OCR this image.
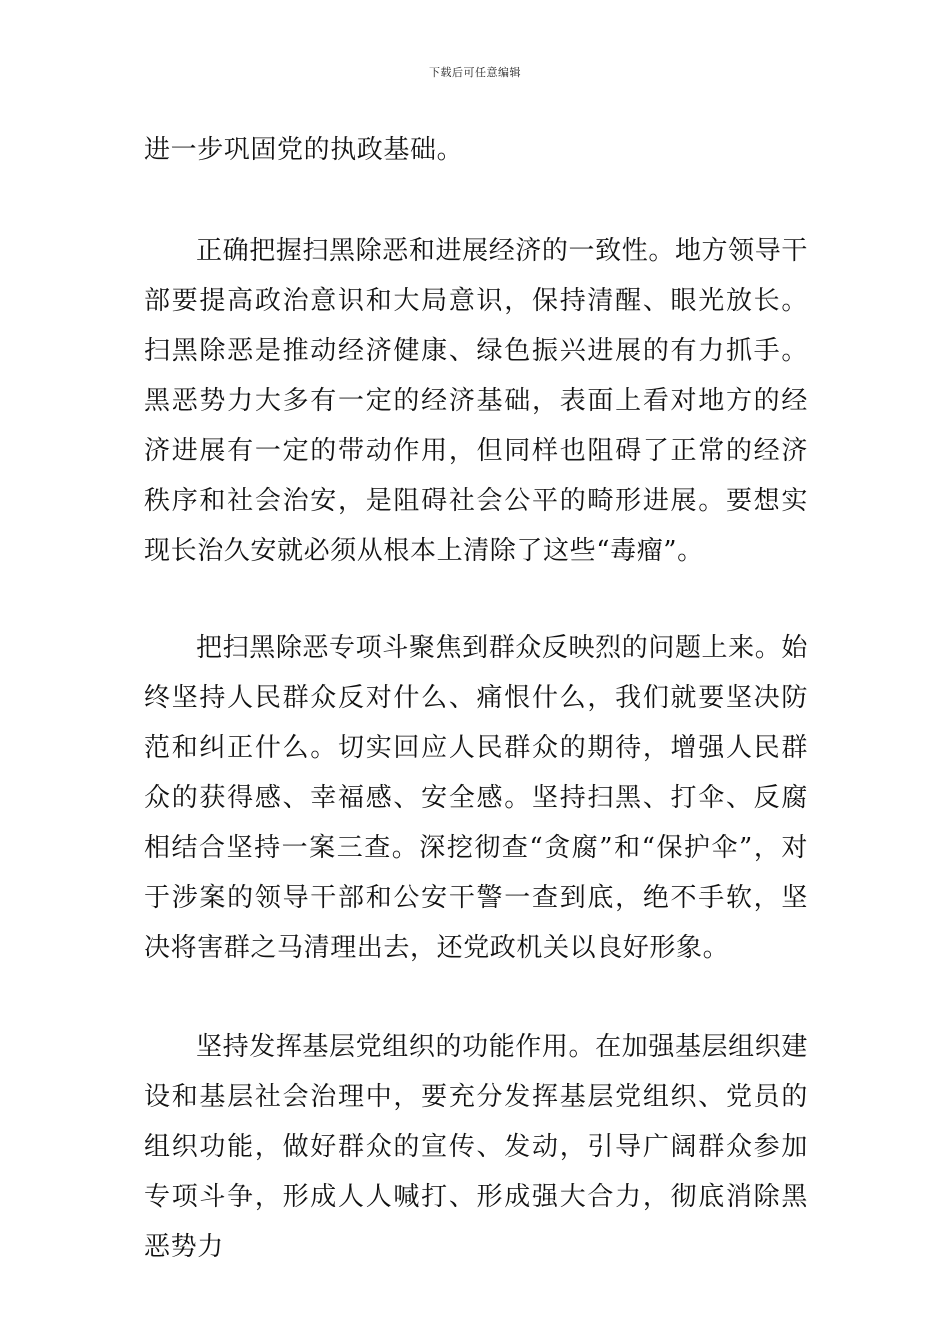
下载后可任意编辑

进一步巩固党的执政基础。

正确把握扫黑除恶和进展经济的一致性。地方领导干部要提高政治意识和大局意识，保持清醒、眼光放长。扫黑除恶是推动经济健康、绿色振兴进展的有力抓手。黑恶势力大多有一定的经济基础，表面上看对地方的经济进展有一定的带动作用，但同样也阻碍了正常的经济秩序和社会治安，是阻碍社会公平的畸形进展。要想实现长治久安就必须从根本上清除了这些“毒瘤”。

把扫黑除恶专项斗聚焦到群众反映烈的问题上来。始终坚持人民群众反对什么、痛恨什么，我们就要坚决防范和纠正什么。切实回应人民群众的期待，增强人民群众的获得感、幸福感、安全感。坚持扫黑、打伞、反腐相结合坚持一案三查。深挖彻查“贪腐”和“保护伞”，对于涉案的领导干部和公安干警一查到底，绝不手软，坚决将害群之马清理出去，还党政机关以良好形象。

坚持发挥基层党组织的功能作用。在加强基层组织建设和基层社会治理中，要充分发挥基层党组织、党员的组织功能，做好群众的宣传、发动，引导广阔群众参加专项斗争，形成人人喊打、形成强大合力，彻底消除黑恶势力
